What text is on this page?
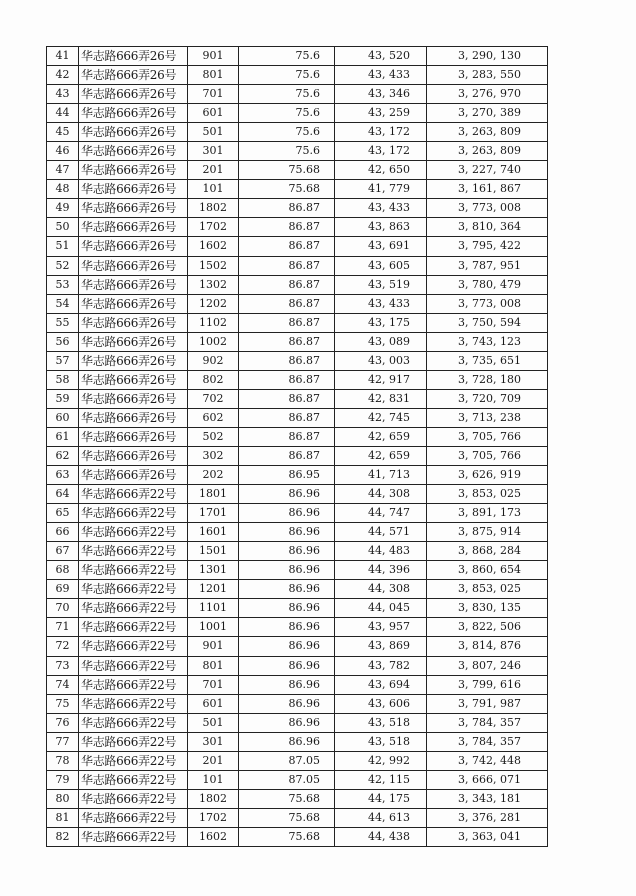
41	华志路666弄26号	901	75.6	43, 520	3, 290, 130
42	华志路666弄26号	801	75.6	43, 433	3, 283, 550
43	华志路666弄26号	701	75.6	43, 346	3, 276, 970
44	华志路666弄26号	601	75.6	43, 259	3, 270, 389
45	华志路666弄26号	501	75.6	43, 172	3, 263, 809
46	华志路666弄26号	301	75.6	43, 172	3, 263, 809
47	华志路666弄26号	201	75.68	42, 650	3, 227, 740
48	华志路666弄26号	101	75.68	41, 779	3, 161, 867
49	华志路666弄26号	1802	86.87	43, 433	3, 773, 008
50	华志路666弄26号	1702	86.87	43, 863	3, 810, 364
51	华志路666弄26号	1602	86.87	43, 691	3, 795, 422
52	华志路666弄26号	1502	86.87	43, 605	3, 787, 951
53	华志路666弄26号	1302	86.87	43, 519	3, 780, 479
54	华志路666弄26号	1202	86.87	43, 433	3, 773, 008
55	华志路666弄26号	1102	86.87	43, 175	3, 750, 594
56	华志路666弄26号	1002	86.87	43, 089	3, 743, 123
57	华志路666弄26号	902	86.87	43, 003	3, 735, 651
58	华志路666弄26号	802	86.87	42, 917	3, 728, 180
59	华志路666弄26号	702	86.87	42, 831	3, 720, 709
60	华志路666弄26号	602	86.87	42, 745	3, 713, 238
61	华志路666弄26号	502	86.87	42, 659	3, 705, 766
62	华志路666弄26号	302	86.87	42, 659	3, 705, 766
63	华志路666弄26号	202	86.95	41, 713	3, 626, 919
64	华志路666弄22号	1801	86.96	44, 308	3, 853, 025
65	华志路666弄22号	1701	86.96	44, 747	3, 891, 173
66	华志路666弄22号	1601	86.96	44, 571	3, 875, 914
67	华志路666弄22号	1501	86.96	44, 483	3, 868, 284
68	华志路666弄22号	1301	86.96	44, 396	3, 860, 654
69	华志路666弄22号	1201	86.96	44, 308	3, 853, 025
70	华志路666弄22号	1101	86.96	44, 045	3, 830, 135
71	华志路666弄22号	1001	86.96	43, 957	3, 822, 506
72	华志路666弄22号	901	86.96	43, 869	3, 814, 876
73	华志路666弄22号	801	86.96	43, 782	3, 807, 246
74	华志路666弄22号	701	86.96	43, 694	3, 799, 616
75	华志路666弄22号	601	86.96	43, 606	3, 791, 987
76	华志路666弄22号	501	86.96	43, 518	3, 784, 357
77	华志路666弄22号	301	86.96	43, 518	3, 784, 357
78	华志路666弄22号	201	87.05	42, 992	3, 742, 448
79	华志路666弄22号	101	87.05	42, 115	3, 666, 071
80	华志路666弄22号	1802	75.68	44, 175	3, 343, 181
81	华志路666弄22号	1702	75.68	44, 613	3, 376, 281
82	华志路666弄22号	1602	75.68	44, 438	3, 363, 041
